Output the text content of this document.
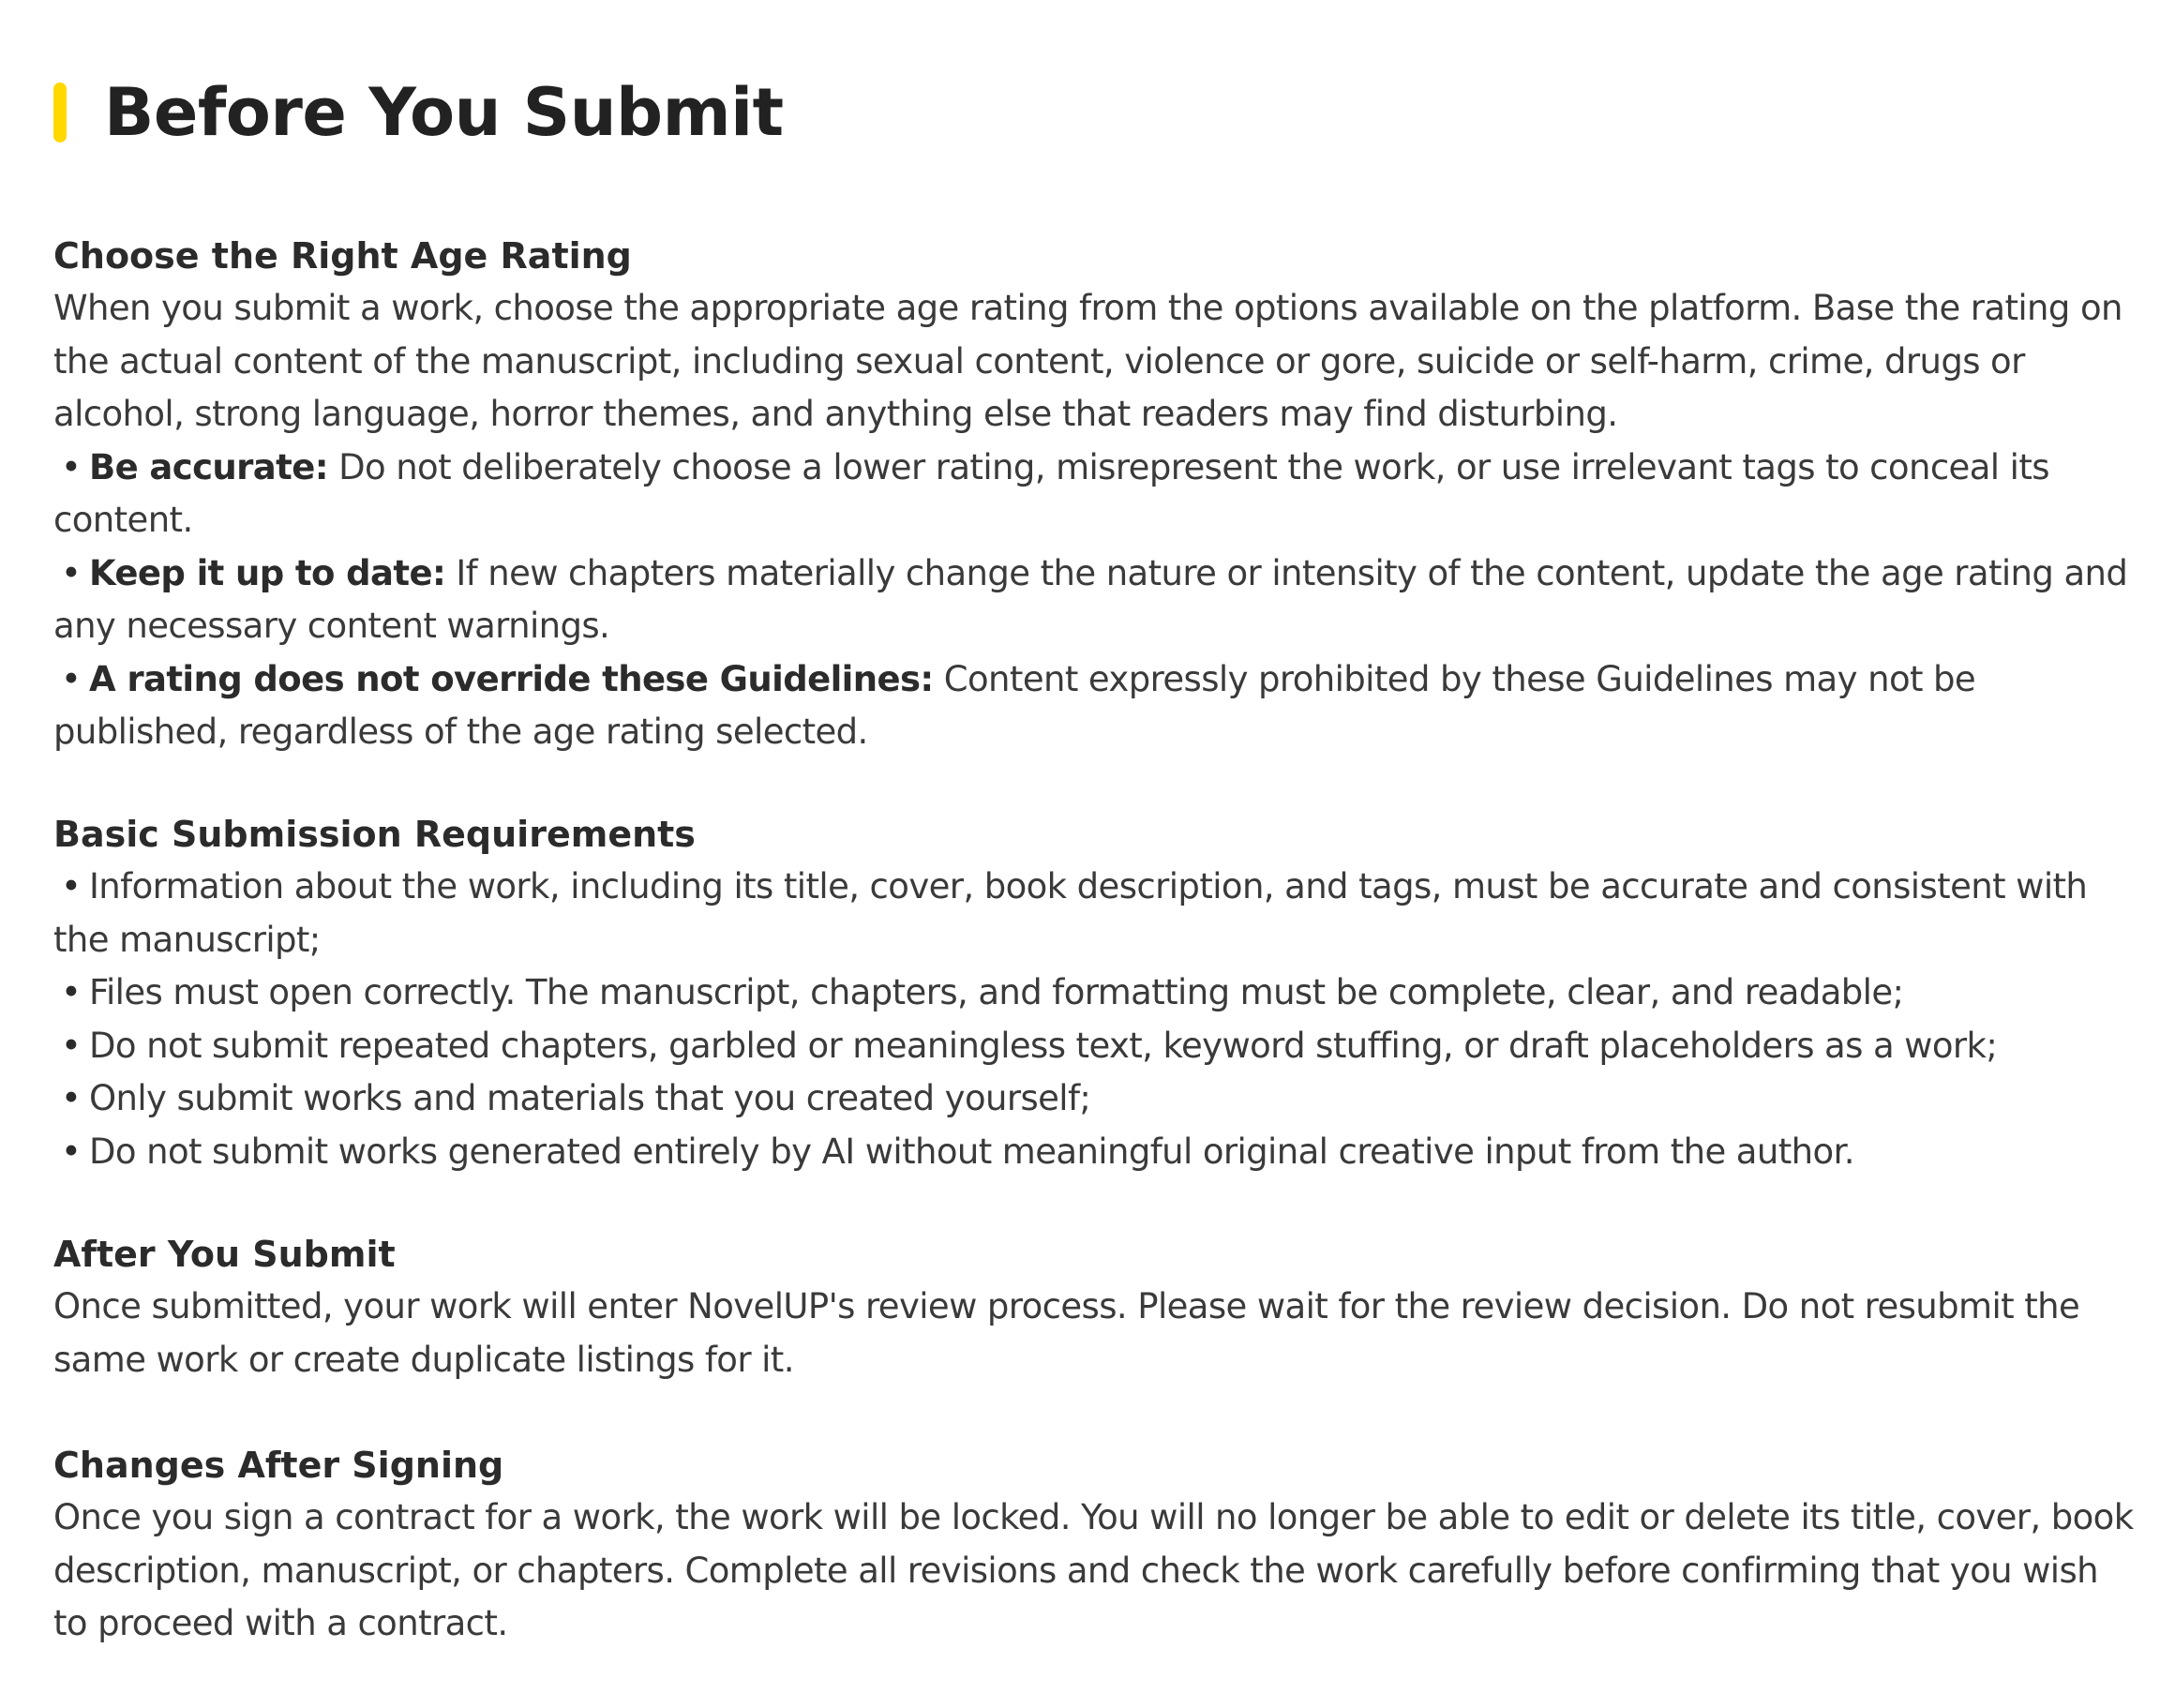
Before You Submit
Choose the Right Age Rating

When you submit a work, choose the appropriate age rating from the options available on the platform. Base the rating on the actual content of the manuscript, including sexual content, violence or gore, suicide or self-harm, crime, drugs or alcohol, strong language, horror themes, and anything else that readers may find disturbing.

• Be accurate: Do not deliberately choose a lower rating, misrepresent the work, or use irrelevant tags to conceal its content.

• Keep it up to date: If new chapters materially change the nature or intensity of the content, update the age rating and any necessary content warnings.

• A rating does not override these Guidelines: Content expressly prohibited by these Guidelines may not be published, regardless of the age rating selected.

Basic Submission Requirements

• Information about the work, including its title, cover, book description, and tags, must be accurate and consistent with the manuscript;

• Files must open correctly. The manuscript, chapters, and formatting must be complete, clear, and readable;

• Do not submit repeated chapters, garbled or meaningless text, keyword stuffing, or draft placeholders as a work;

• Only submit works and materials that you created yourself;

• Do not submit works generated entirely by AI without meaningful original creative input from the author.

After You Submit

Once submitted, your work will enter NovelUP's review process. Please wait for the review decision. Do not resubmit the same work or create duplicate listings for it.

Changes After Signing

Once you sign a contract for a work, the work will be locked. You will no longer be able to edit or delete its title, cover, book description, manuscript, or chapters. Complete all revisions and check the work carefully before confirming that you wish to proceed with a contract.
